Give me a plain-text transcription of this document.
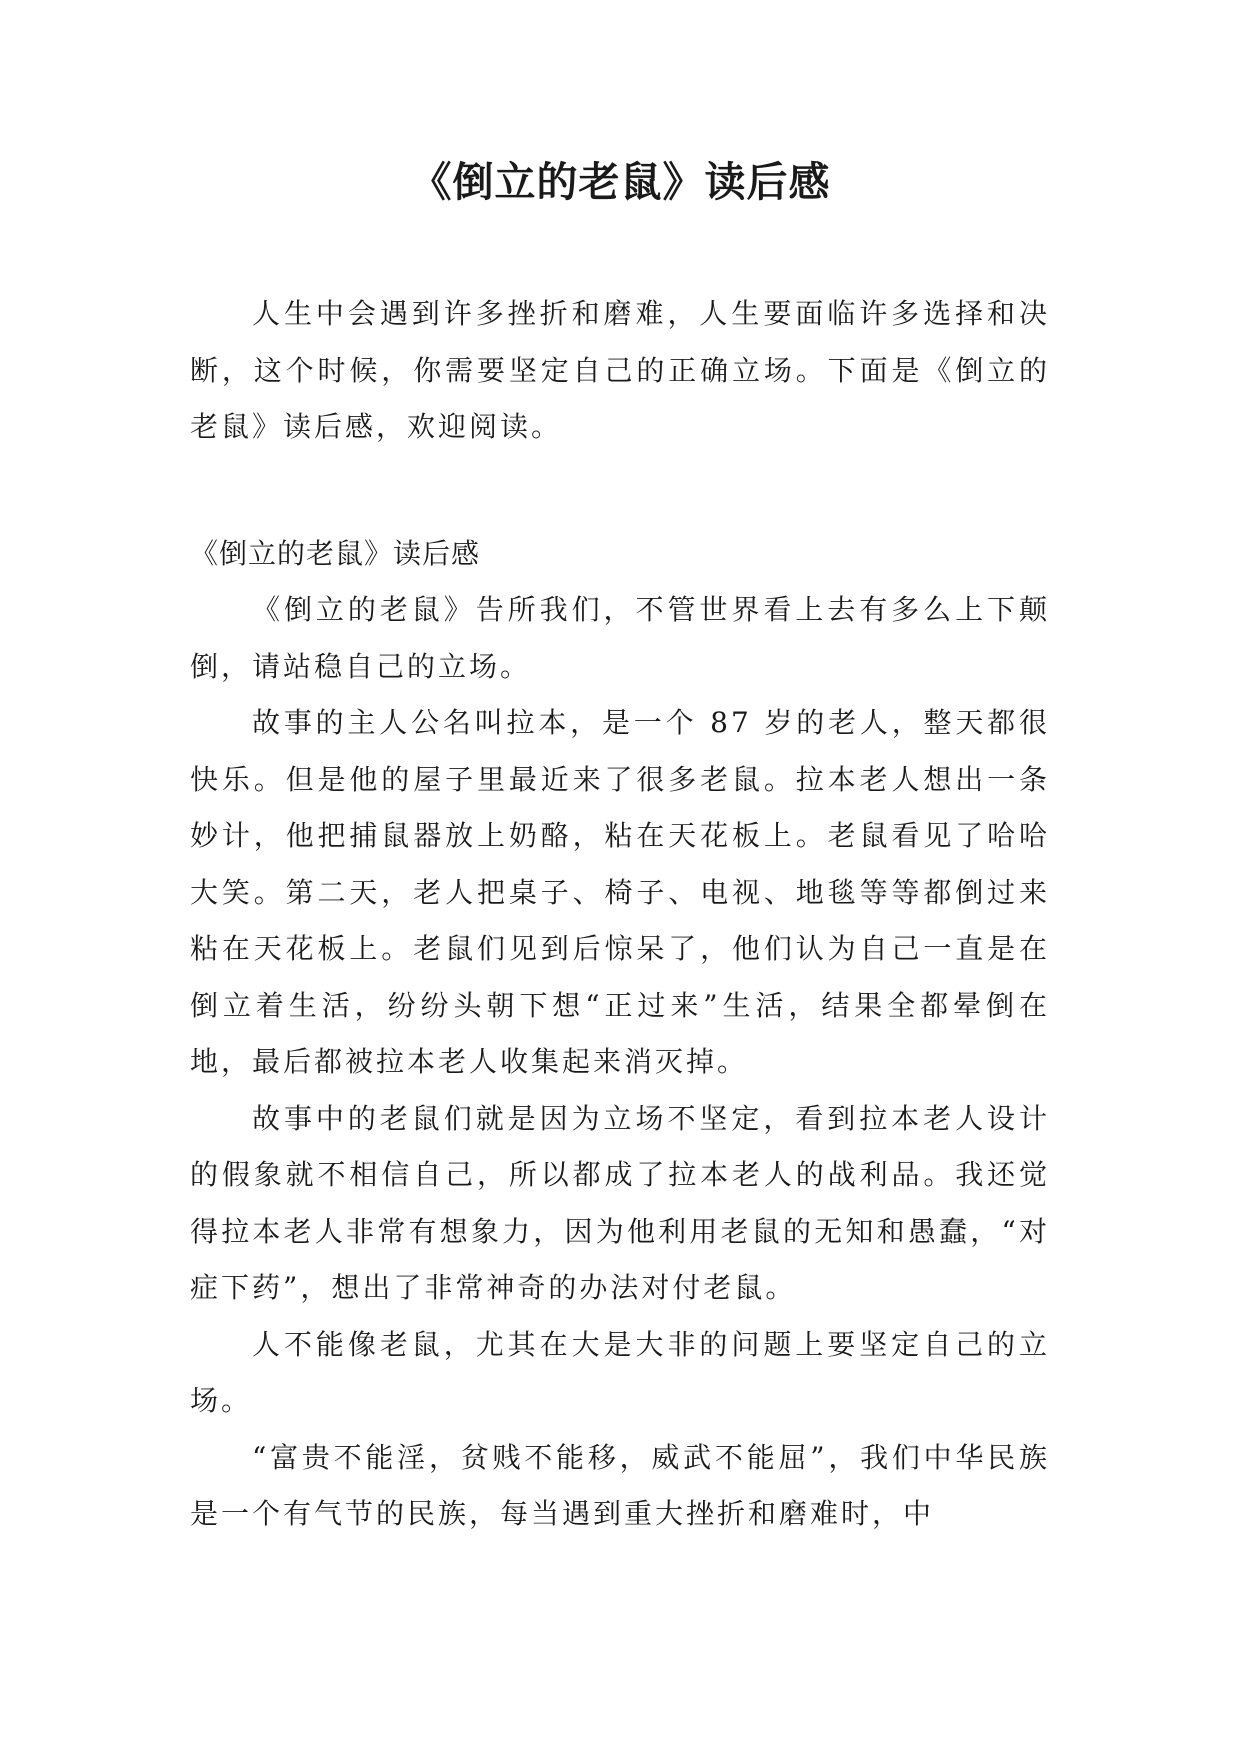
《倒立的老鼠》读后感

人生中会遇到许多挫折和磨难，人生要面临许多选择和决断，这个时候，你需要坚定自己的正确立场。下面是《倒立的老鼠》读后感，欢迎阅读。

《倒立的老鼠》读后感

《倒立的老鼠》告所我们，不管世界看上去有多么上下颠倒，请站稳自己的立场。

故事的主人公名叫拉本，是一个 87 岁的老人，整天都很快乐。但是他的屋子里最近来了很多老鼠。拉本老人想出一条妙计，他把捕鼠器放上奶酪，粘在天花板上。老鼠看见了哈哈大笑。第二天，老人把桌子、椅子、电视、地毯等等都倒过来粘在天花板上。老鼠们见到后惊呆了，他们认为自己一直是在倒立着生活，纷纷头朝下想“正过来”生活，结果全都晕倒在地，最后都被拉本老人收集起来消灭掉。

故事中的老鼠们就是因为立场不坚定，看到拉本老人设计的假象就不相信自己，所以都成了拉本老人的战利品。我还觉得拉本老人非常有想象力，因为他利用老鼠的无知和愚蠢，“对症下药”，想出了非常神奇的办法对付老鼠。

人不能像老鼠，尤其在大是大非的问题上要坚定自己的立场。

“富贵不能淫，贫贱不能移，威武不能屈”，我们中华民族是一个有气节的民族，每当遇到重大挫折和磨难时，中
